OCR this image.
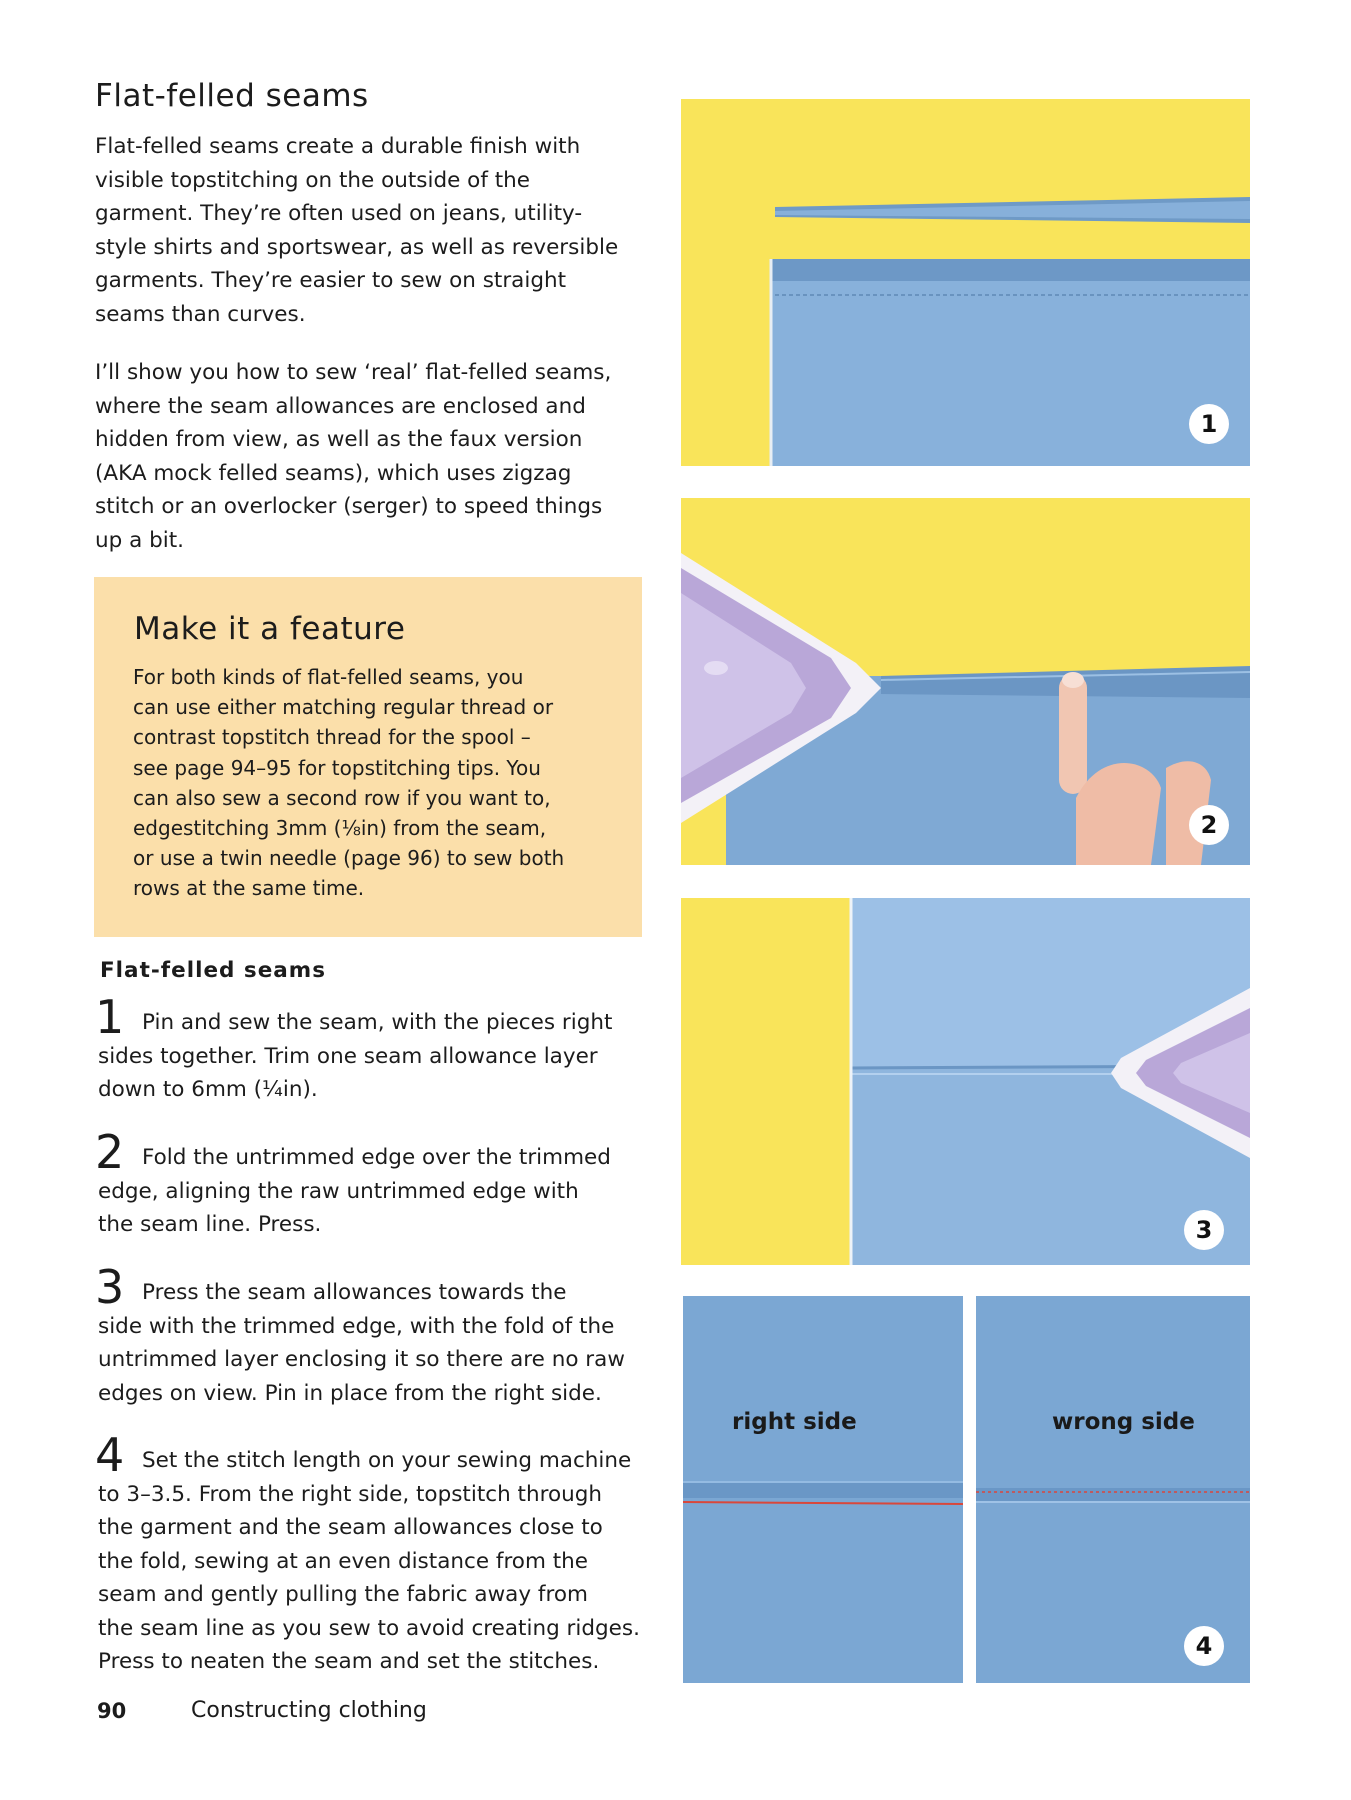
Flat-felled seams

Flat-felled seams create a durable finish with
visible topstitching on the outside of the
garment. They’re often used on jeans, utility-
style shirts and sportswear, as well as reversible
garments. They’re easier to sew on straight
seams than curves.

I’ll show you how to sew ‘real’ flat-felled seams,
where the seam allowances are enclosed and
hidden from view, as well as the faux version
(AKA mock felled seams), which uses zigzag
stitch or an overlocker (serger) to speed things
up a bit.

Make it a feature

For both kinds of flat-felled seams, you
can use either matching regular thread or
contrast topstitch thread for the spool –
see page 94–95 for topstitching tips. You
can also sew a second row if you want to,
edgestitching 3mm (⅛in) from the seam,
or use a twin needle (page 96) to sew both
rows at the same time.

Flat-felled seams
1 Pin and sew the seam, with the pieces right
sides together. Trim one seam allowance layer
down to 6mm (¼in).

2 Fold the untrimmed edge over the trimmed
edge, aligning the raw untrimmed edge with
the seam line. Press.

3 Press the seam allowances towards the
side with the trimmed edge, with the fold of the
untrimmed layer enclosing it so there are no raw
edges on view. Pin in place from the right side.

4 Set the stitch length on your sewing machine
to 3–3.5. From the right side, topstitch through
the garment and the seam allowances close to
the fold, sewing at an even distance from the
seam and gently pulling the fabric away from
the seam line as you sew to avoid creating ridges.
Press to neaten the seam and set the stitches.

90	Constructing clothing
1
2
3
right side	wrong side
4
